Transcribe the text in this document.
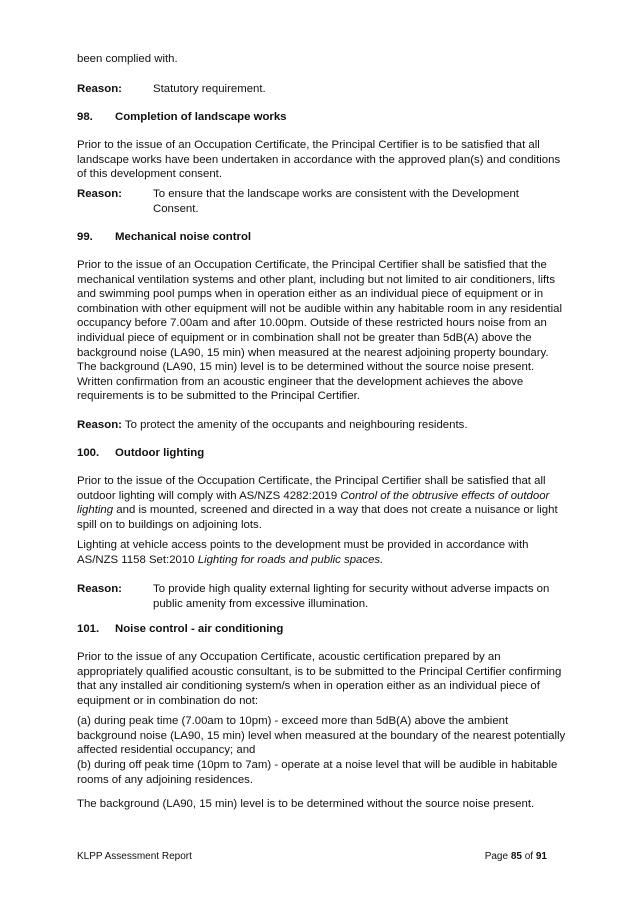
been complied with.

Reason:	Statutory requirement.
98.	Completion of landscape works

Prior to the issue of an Occupation Certificate, the Principal Certifier is to be satisfied that all landscape works have been undertaken in accordance with the approved plan(s) and conditions of this development consent.

Reason:	To ensure that the landscape works are consistent with the Development Consent.
99.	Mechanical noise control

Prior to the issue of an Occupation Certificate, the Principal Certifier shall be satisfied that the mechanical ventilation systems and other plant, including but not limited to air conditioners, lifts and swimming pool pumps when in operation either as an individual piece of equipment or in combination with other equipment will not be audible within any habitable room in any residential occupancy before 7.00am and after 10.00pm. Outside of these restricted hours noise from an individual piece of equipment or in combination shall not be greater than 5dB(A) above the background noise (LA90, 15 min) when measured at the nearest adjoining property boundary. The background (LA90, 15 min) level is to be determined without the source noise present. Written confirmation from an acoustic engineer that the development achieves the above requirements is to be submitted to the Principal Certifier.

Reason: To protect the amenity of the occupants and neighbouring residents.

100.	Outdoor lighting

Prior to the issue of the Occupation Certificate, the Principal Certifier shall be satisfied that all outdoor lighting will comply with AS/NZS 4282:2019 Control of the obtrusive effects of outdoor lighting and is mounted, screened and directed in a way that does not create a nuisance or light spill on to buildings on adjoining lots.

Lighting at vehicle access points to the development must be provided in accordance with AS/NZS 1158 Set:2010 Lighting for roads and public spaces.

Reason:	To provide high quality external lighting for security without adverse impacts on public amenity from excessive illumination.
101.	Noise control - air conditioning

Prior to the issue of any Occupation Certificate, acoustic certification prepared by an appropriately qualified acoustic consultant, is to be submitted to the Principal Certifier confirming that any installed air conditioning system/s when in operation either as an individual piece of equipment or in combination do not:

(a) during peak time (7.00am to 10pm) - exceed more than 5dB(A) above the ambient background noise (LA90, 15 min) level when measured at the boundary of the nearest potentially affected residential occupancy; and

(b) during off peak time (10pm to 7am) - operate at a noise level that will be audible in habitable rooms of any adjoining residences.

The background (LA90, 15 min) level is to be determined without the source noise present.

KLPP Assessment Report	Page 85 of 91
